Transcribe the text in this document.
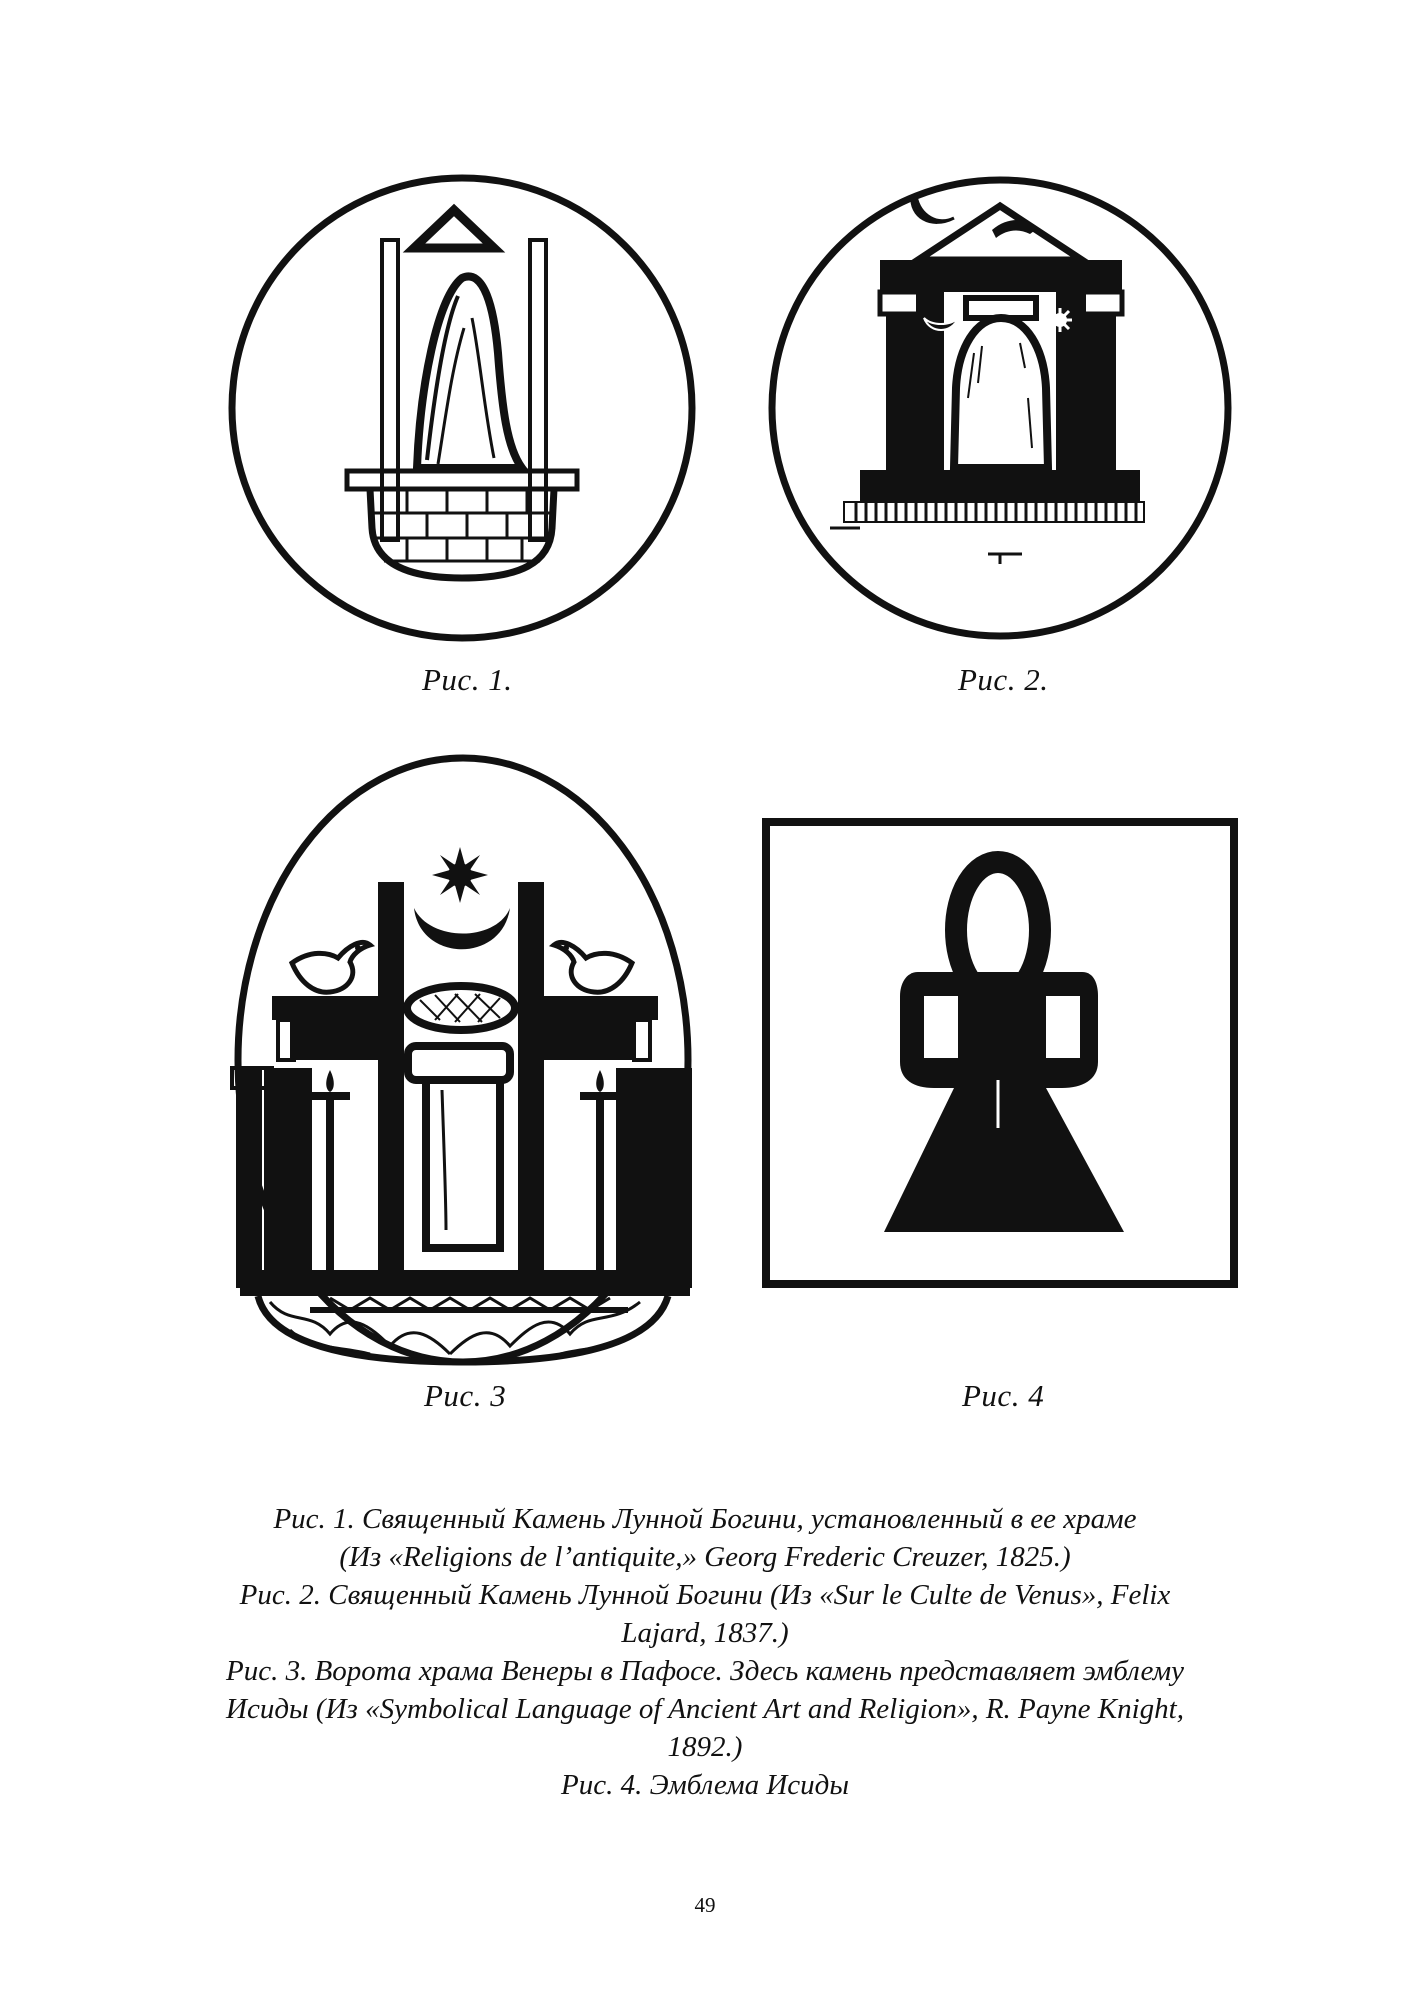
Рис. 1.	Рис. 2.
Рис. 3	Рис. 4
Рис. 1. Священный Камень Лунной Богини, установленный в ее храме
(Из «Religions de l’antiquite,» Georg Frederic Creuzer, 1825.)
Рис. 2. Священный Камень Лунной Богини (Из «Sur le Culte de Venus», Felix
Lajard, 1837.)
Рис. 3. Ворота храма Венеры в Пафосе. Здесь камень представляет эмблему
Исиды (Из «Symbolical Language of Ancient Art and Religion», R. Payne Knight,
1892.)
Рис. 4. Эмблема Исиды
49
